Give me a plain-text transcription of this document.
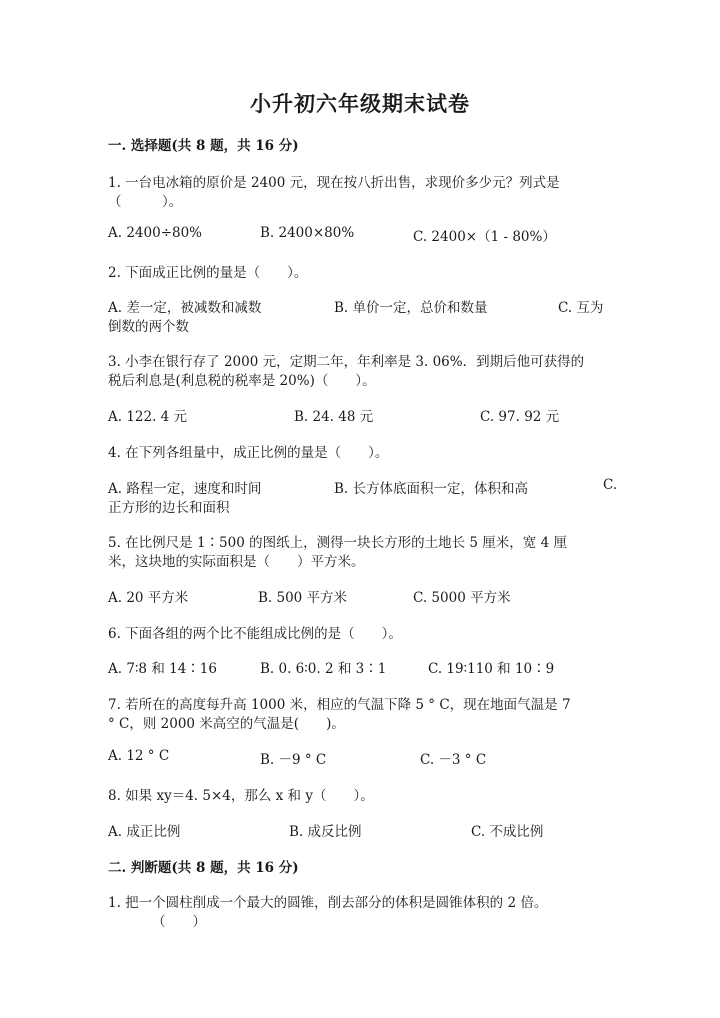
小升初六年级期末试卷
一. 选择题(共 8 题，共 16 分)
1. 一台电冰箱的原价是 2400 元，现在按八折出售，求现价多少元？列式是
（　　　）。
A. 2400÷80%	B. 2400×80%	C. 2400×（1 - 80%）
2. 下面成正比例的量是（　　）。
A. 差一定，被减数和减数	B. 单价一定，总价和数量	C. 互为
倒数的两个数
3. 小李在银行存了 2000 元，定期二年，年利率是 3. 06%．到期后他可获得的
税后利息是(利息税的税率是 20%)（　　）。
A. 122. 4 元	B. 24. 48 元	C. 97. 92 元
4. 在下列各组量中，成正比例的量是（　　）。
A. 路程一定，速度和时间	B. 长方体底面积一定，体积和高	C.
正方形的边长和面积
5. 在比例尺是 1∶500 的图纸上，测得一块长方形的土地长 5 厘米，宽 4 厘
米，这块地的实际面积是（　　）平方米。
A. 20 平方米	B. 500 平方米	C. 5000 平方米
6. 下面各组的两个比不能组成比例的是（　　）。
A. 7∶8 和 14∶16	B. 0. 6∶0. 2 和 3∶1	C. 19∶110 和 10∶9
7. 若所在的高度每升高 1000 米，相应的气温下降 5 ° C，现在地面气温是 7
° C，则 2000 米高空的气温是(　　)。
A. 12 ° C	B. －9 ° C	C. －3 ° C
8. 如果 xy＝4. 5×4，那么 x 和 y（　　）。
A. 成正比例	B. 成反比例	C. 不成比例
二. 判断题(共 8 题，共 16 分)
1. 把一个圆柱削成一个最大的圆锥，削去部分的体积是圆锥体积的 2 倍。
（　　）
